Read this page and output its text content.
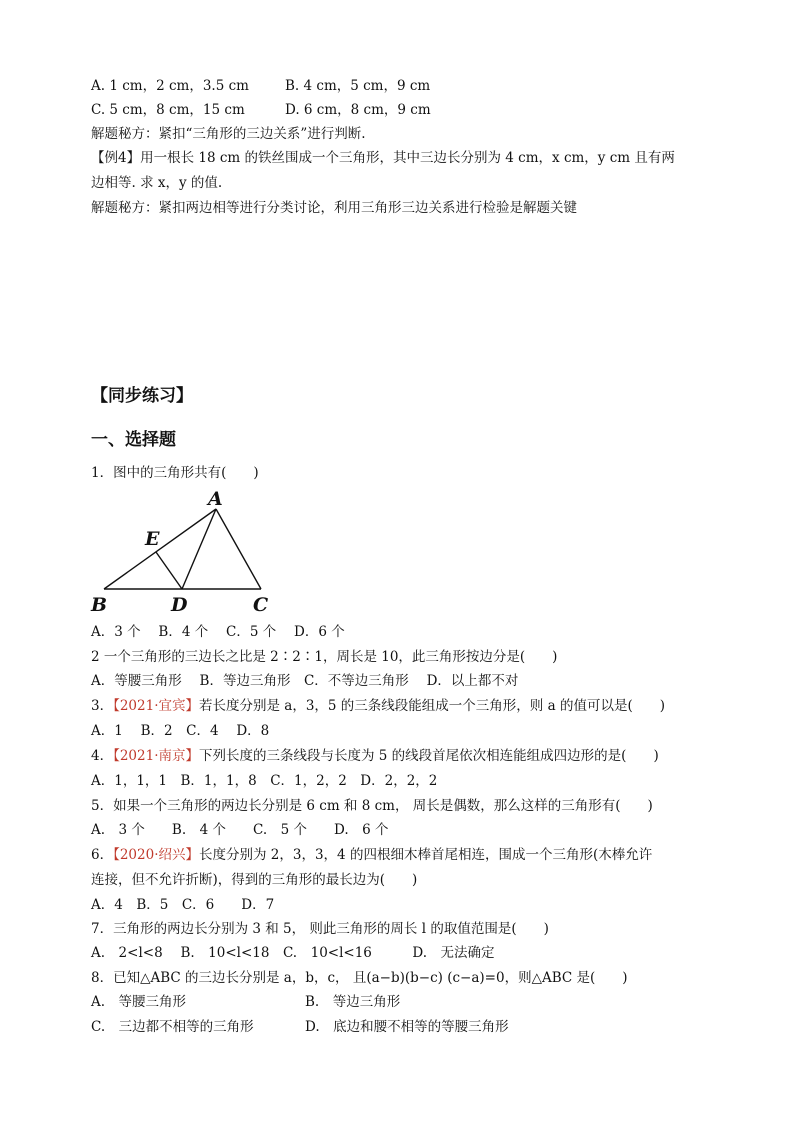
A. 1 cm，2 cm，3.5 cm	B. 4 cm，5 cm，9 cm
C. 5 cm，8 cm，15 cm	D. 6 cm，8 cm，9 cm
解题秘方：紧扣“三角形的三边关系”进行判断.
【例4】用一根长 18 cm 的铁丝围成一个三角形，其中三边长分别为 4 cm，x cm，y cm 且有两
边相等. 求 x，y 的值.
解题秘方：紧扣两边相等进行分类讨论，利用三角形三边关系进行检验是解题关键
【同步练习】
一、选择题
1．图中的三角形共有(　　)
A
E
B	D	C
A．3 个　 B．4 个　 C．5 个　 D．6 个
2 一个三角形的三边长之比是 2∶2∶1，周长是 10，此三角形按边分是(　　)
A．等腰三角形　 B．等边三角形　C．不等边三角形　 D．以上都不对
3．【2021·宜宾】若长度分别是 a，3，5 的三条线段能组成一个三角形，则 a 的值可以是(　　)
A．1　 B．2　C．4　 D．8
4．【2021·南京】下列长度的三条线段与长度为 5 的线段首尾依次相连能组成四边形的是(　　)
A．1，1，1　B．1，1，8　C．1，2，2　D．2，2，2
5．如果一个三角形的两边长分别是 6 cm 和 8 cm， 周长是偶数，那么这样的三角形有(　　)
A.　3 个　　B.　4 个　　C.　5 个　　D.　6 个
6．【2020·绍兴】长度分别为 2，3，3，4 的四根细木棒首尾相连，围成一个三角形(木棒允许
连接，但不允许折断)，得到的三角形的最长边为(　　)
A．4　B．5　C．6　　D．7
7．三角形的两边长分别为 3 和 5， 则此三角形的周长 l 的取值范围是(　　)
A.　2<l<8　 B.　10<l<18　C.　10<l<16　　　D.　无法确定
8．已知△ABC 的三边长分别是 a，b，c， 且(a−b)(b−c) (c−a)=0，则△ABC 是(　　)
A.　等腰三角形	B.　等边三角形
C.　三边都不相等的三角形	D.　底边和腰不相等的等腰三角形
